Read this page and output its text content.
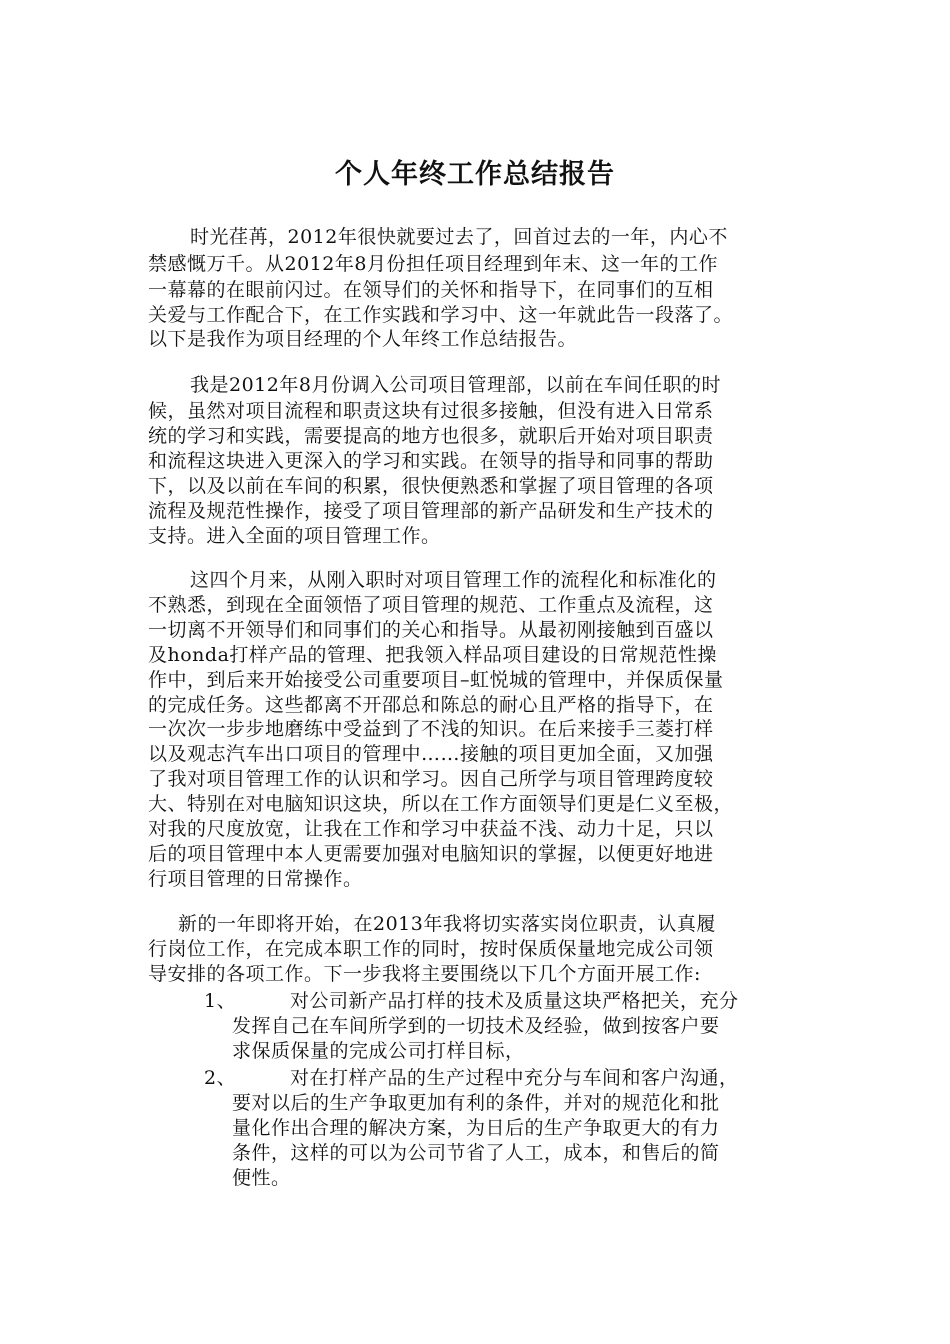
个人年终工作总结报告
时光荏苒，2012年很快就要过去了，回首过去的一年，内心不
禁感慨万千。从2012年8月份担任项目经理到年末、这一年的工作
一幕幕的在眼前闪过。在领导们的关怀和指导下，在同事们的互相
关爱与工作配合下，在工作实践和学习中、这一年就此告一段落了。
以下是我作为项目经理的个人年终工作总结报告。
我是2012年8月份调入公司项目管理部，以前在车间任职的时
候，虽然对项目流程和职责这块有过很多接触，但没有进入日常系
统的学习和实践，需要提高的地方也很多，就职后开始对项目职责
和流程这块进入更深入的学习和实践。在领导的指导和同事的帮助
下，以及以前在车间的积累，很快便熟悉和掌握了项目管理的各项
流程及规范性操作，接受了项目管理部的新产品研发和生产技术的
支持。进入全面的项目管理工作。
这四个月来，从刚入职时对项目管理工作的流程化和标准化的
不熟悉，到现在全面领悟了项目管理的规范、工作重点及流程，这
一切离不开领导们和同事们的关心和指导。从最初刚接触到百盛以
及honda打样产品的管理、把我领入样品项目建设的日常规范性操
作中，到后来开始接受公司重要项目–虹悦城的管理中，并保质保量
的完成任务。这些都离不开邵总和陈总的耐心且严格的指导下，在
一次次一步步地磨练中受益到了不浅的知识。在后来接手三菱打样
以及观志汽车出口项目的管理中……接触的项目更加全面，又加强
了我对项目管理工作的认识和学习。因自己所学与项目管理跨度较
大、特别在对电脑知识这块，所以在工作方面领导们更是仁义至极，
对我的尺度放宽，让我在工作和学习中获益不浅、动力十足，只以
后的项目管理中本人更需要加强对电脑知识的掌握，以便更好地进
行项目管理的日常操作。
新的一年即将开始，在2013年我将切实落实岗位职责，认真履
行岗位工作，在完成本职工作的同时，按时保质保量地完成公司领
导安排的各项工作。下一步我将主要围绕以下几个方面开展工作:
1、	对公司新产品打样的技术及质量这块严格把关，充分
发挥自己在车间所学到的一切技术及经验，做到按客户要
求保质保量的完成公司打样目标，
2、	对在打样产品的生产过程中充分与车间和客户沟通，
要对以后的生产争取更加有利的条件，并对的规范化和批
量化作出合理的解决方案，为日后的生产争取更大的有力
条件，这样的可以为公司节省了人工，成本，和售后的简
便性。
